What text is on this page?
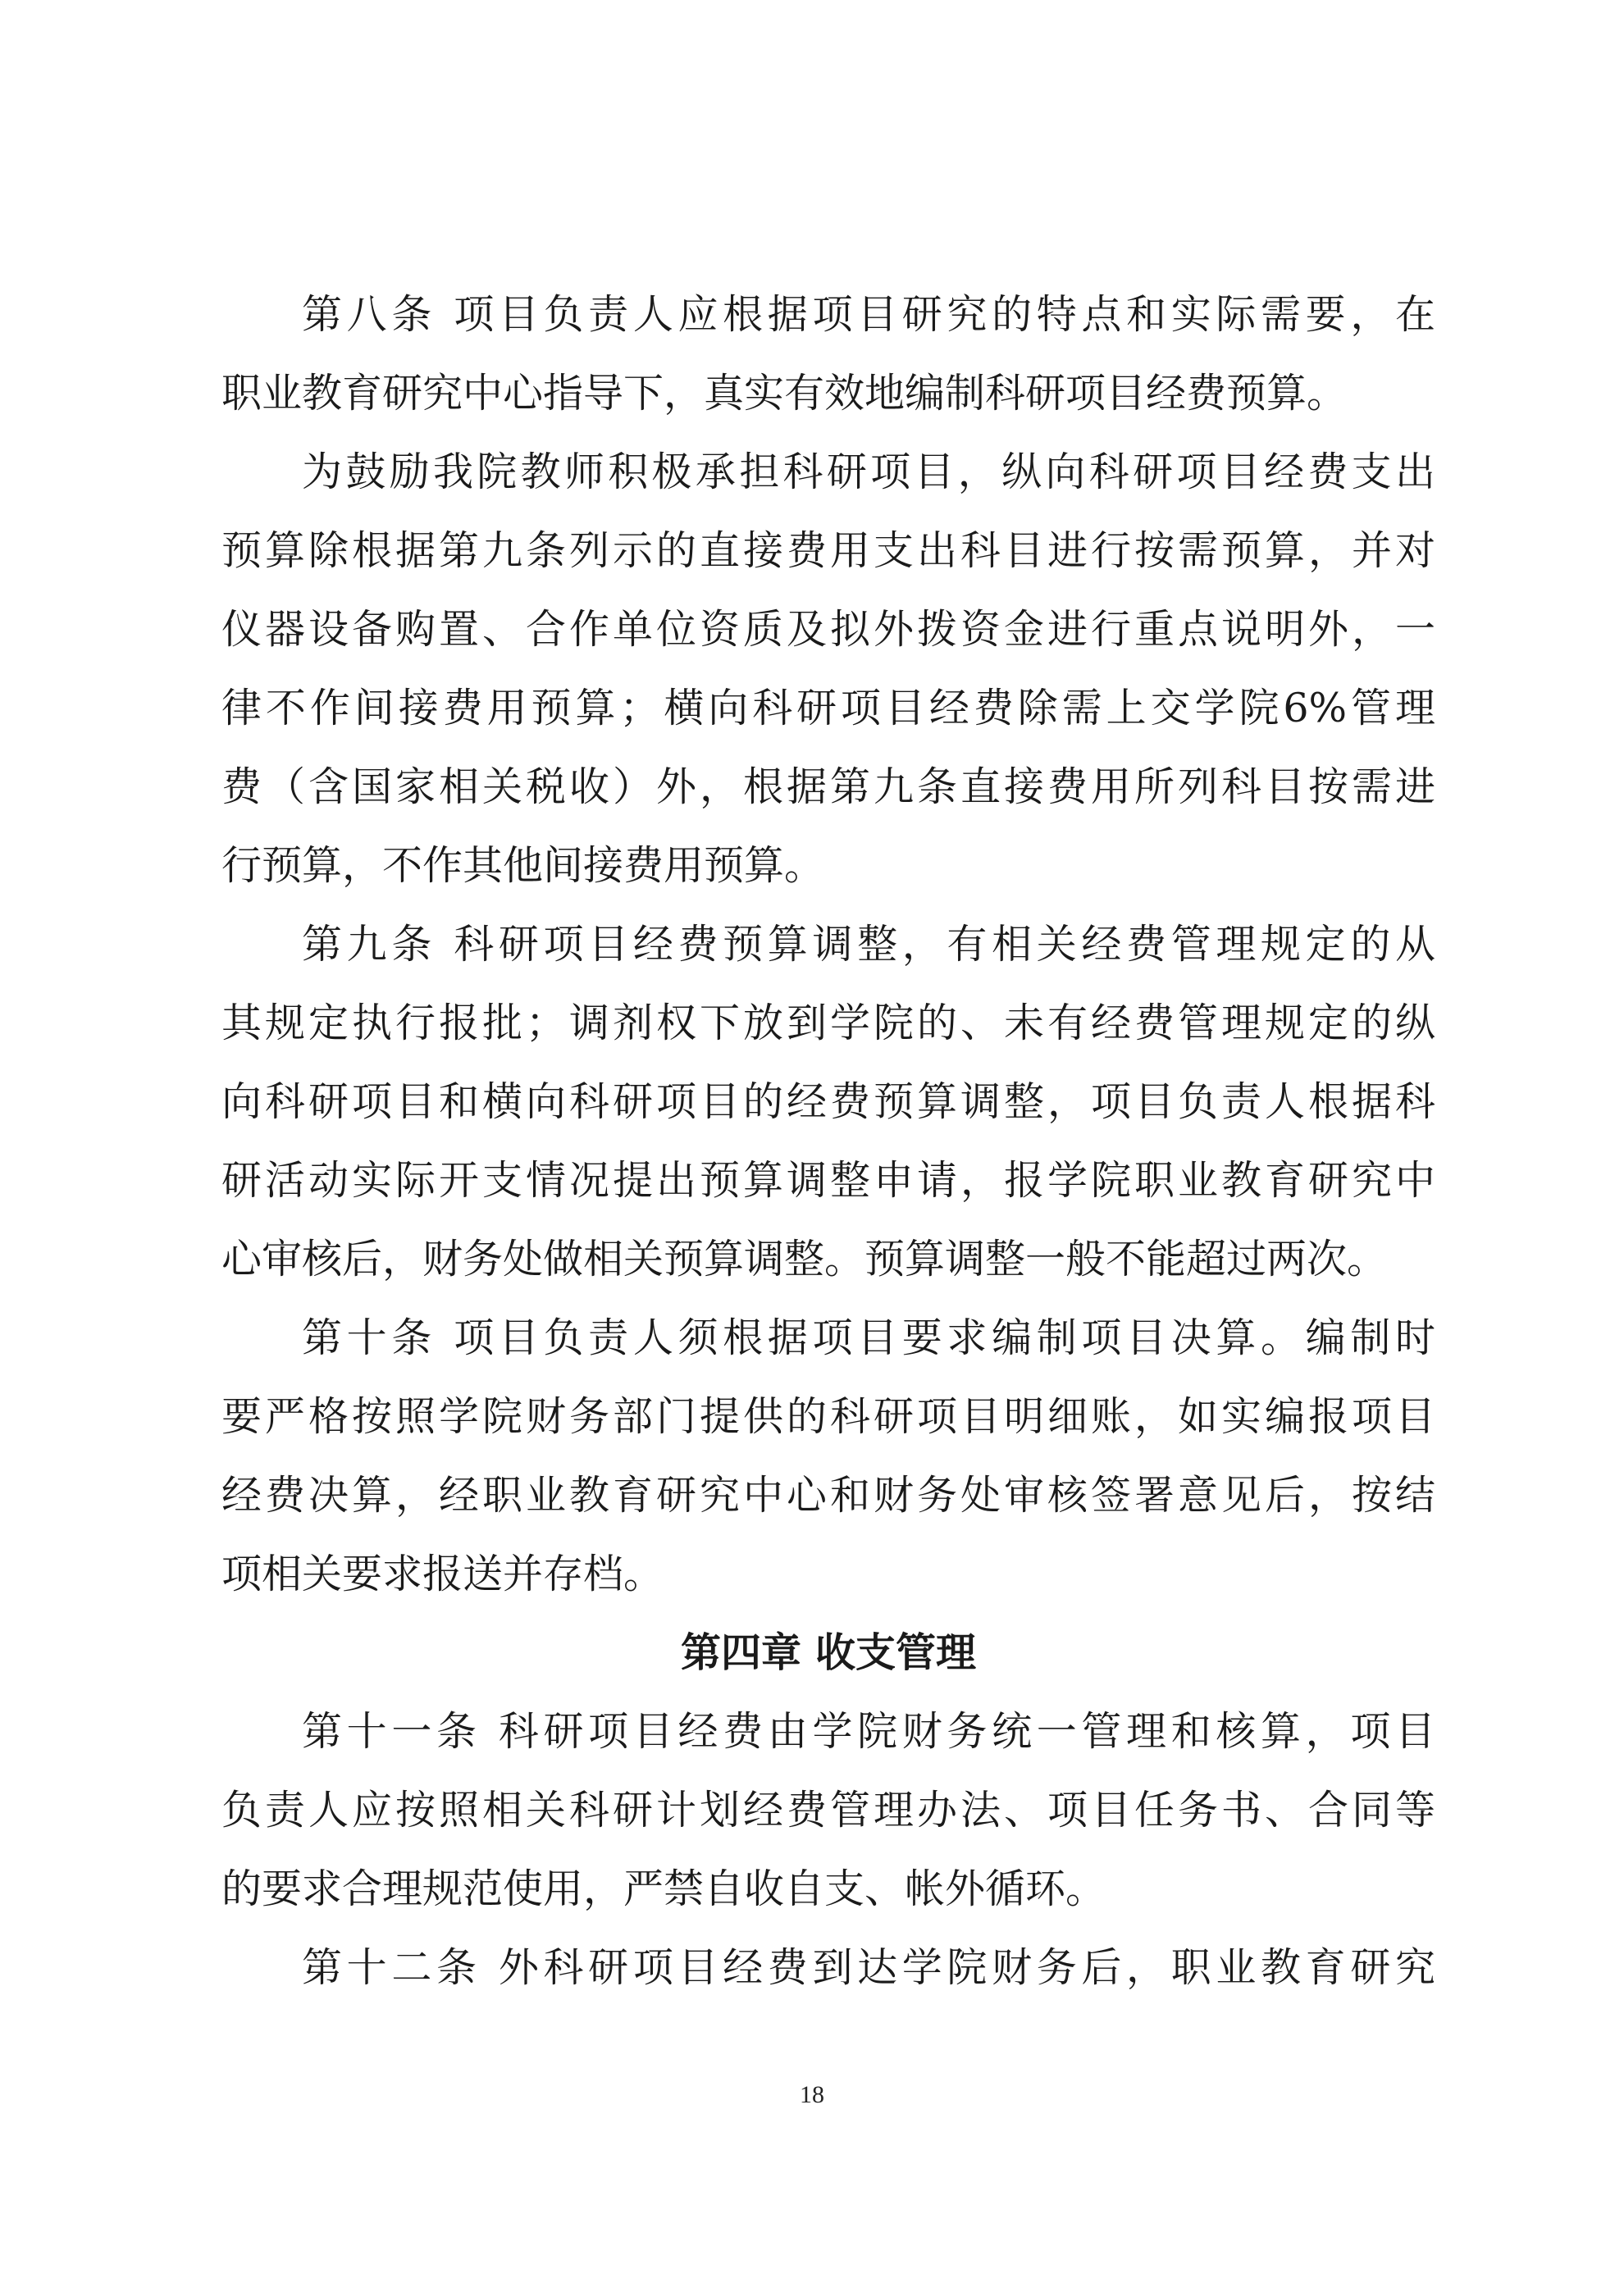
第八条 项目负责人应根据项目研究的特点和实际需要，在
职业教育研究中心指导下，真实有效地编制科研项目经费预算。
为鼓励我院教师积极承担科研项目，纵向科研项目经费支出
预算除根据第九条列示的直接费用支出科目进行按需预算，并对
仪器设备购置、合作单位资质及拟外拨资金进行重点说明外，一
律不作间接费用预算；横向科研项目经费除需上交学院6%管理
费（含国家相关税收）外，根据第九条直接费用所列科目按需进
行预算，不作其他间接费用预算。
第九条 科研项目经费预算调整，有相关经费管理规定的从
其规定执行报批；调剂权下放到学院的、未有经费管理规定的纵
向科研项目和横向科研项目的经费预算调整，项目负责人根据科
研活动实际开支情况提出预算调整申请，报学院职业教育研究中
心审核后，财务处做相关预算调整。预算调整一般不能超过两次。
第十条 项目负责人须根据项目要求编制项目决算。编制时
要严格按照学院财务部门提供的科研项目明细账，如实编报项目
经费决算，经职业教育研究中心和财务处审核签署意见后，按结
项相关要求报送并存档。
第四章 收支管理
第十一条 科研项目经费由学院财务统一管理和核算，项目
负责人应按照相关科研计划经费管理办法、项目任务书、合同等
的要求合理规范使用，严禁自收自支、帐外循环。
第十二条 外科研项目经费到达学院财务后，职业教育研究
18
